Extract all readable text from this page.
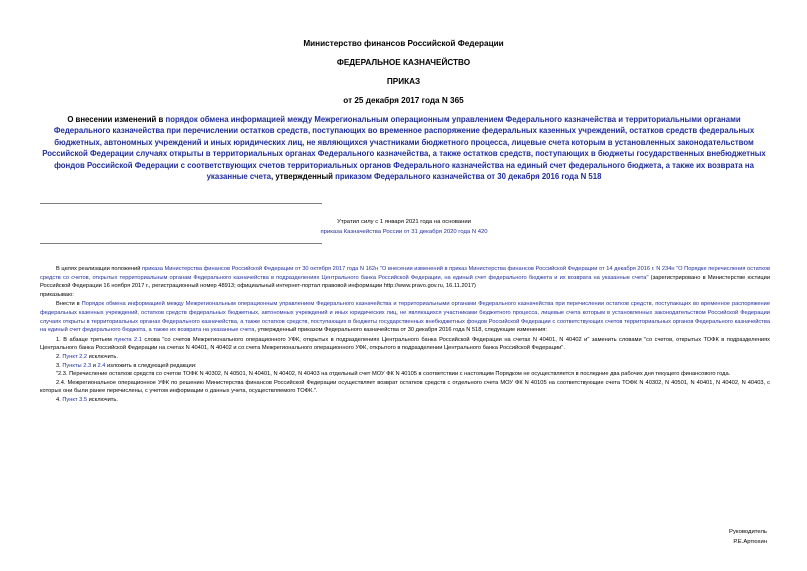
Министерство финансов Российской Федерации
ФЕДЕРАЛЬНОЕ КАЗНАЧЕЙСТВО
ПРИКАЗ
от 25 декабря 2017 года N 365
О внесении изменений в порядок обмена информацией между Межрегиональным операционным управлением Федерального казначейства и территориальными органами Федерального казначейства при перечислении остатков средств, поступающих во временное распоряжение федеральных казенных учреждений, остатков средств федеральных бюджетных, автономных учреждений и иных юридических лиц, не являющихся участниками бюджетного процесса, лицевые счета которым в установленных законодательством Российской Федерации случаях открыты в территориальных органах Федерального казначейства, а также остатков средств, поступающих в бюджеты государственных внебюджетных фондов Российской Федерации с соответствующих счетов территориальных органов Федерального казначейства на единый счет федерального бюджета, а также их возврата на указанные счета, утвержденный приказом Федерального казначейства от 30 декабря 2016 года N 518
Утратил силу с 1 января 2021 года на основании
приказа Казначейства России от 31 декабря 2020 года N 420

В целях реализации положений приказа Министерства финансов Российской Федерации от 30 октября 2017 года N 162н "О внесении изменений в приказ Министерства финансов Российской Федерации от 14 декабря 2016 г. N 234н "О Порядке перечисления остатков средств со счетов, открытых территориальным органам Федерального казначейства в подразделениях Центрального банка Российской Федерации, на единый счет федерального бюджета и их возврата на указанные счета" (зарегистрировано в Министерстве юстиции Российской Федерации 16 ноября 2017 г., регистрационный номер 48913; официальный интернет-портал правовой информации http://www.pravo.gov.ru, 16.11.2017)

приказываю:

Внести в Порядок обмена информацией между Межрегиональным операционным управлением Федерального казначейства и территориальными органами Федерального казначейства при перечислении остатков средств, поступающих во временное распоряжение федеральных казенных учреждений, остатков средств федеральных бюджетных, автономных учреждений и иных юридических лиц, не являющихся участниками бюджетного процесса, лицевые счета которым в установленных законодательством Российской Федерации случаях открыты в территориальных органах Федерального казначейства, а также остатков средств, поступающих в бюджеты государственных внебюджетных фондов Российской Федерации с соответствующих счетов территориальных органов Федерального казначейства на единый счет федерального бюджета, а также их возврата на указанные счета, утвержденный приказом Федерального казначейства от 30 декабря 2016 года N 518, следующие изменения:

1. В абзаце третьем пункта 2.1 слова "со счетов Межрегионального операционного УФК, открытых в подразделениях Центрального банка Российской Федерации на счетах N 40401, N 40402 и" заменить словами "со счетов, открытых ТОФК в подразделениях Центрального банка Российской Федерации на счетах N 40401, N 40402 и со счета Межрегионального операционного УФК, открытого в подразделении Центрального банка Российской Федерации".

2. Пункт 2.2 исключить.

3. Пункты 2.3 и 2.4 изложить в следующей редакции:

"2.3. Перечисление остатков средств со счетов ТОФК N 40302, N 40501, N 40401, N 40402, N 40403 на отдельный счет МОУ ФК N 40105 в соответствии с настоящим Порядком не осуществляется в последние два рабочих дня текущего финансового года.

2.4. Межрегиональное операционное УФК по решению Министерства финансов Российской Федерации осуществляет возврат остатков средств с отдельного счета МОУ ФК N 40105 на соответствующие счета ТОФК N 40302, N 40501, N 40401, N 40402, N 40403, с которых они были ранее перечислены, с учетом информации о данных учета, осуществляемого ТОФК.".

4. Пункт 3.5 исключить.

Руководитель
Р.Е.Артюхин
